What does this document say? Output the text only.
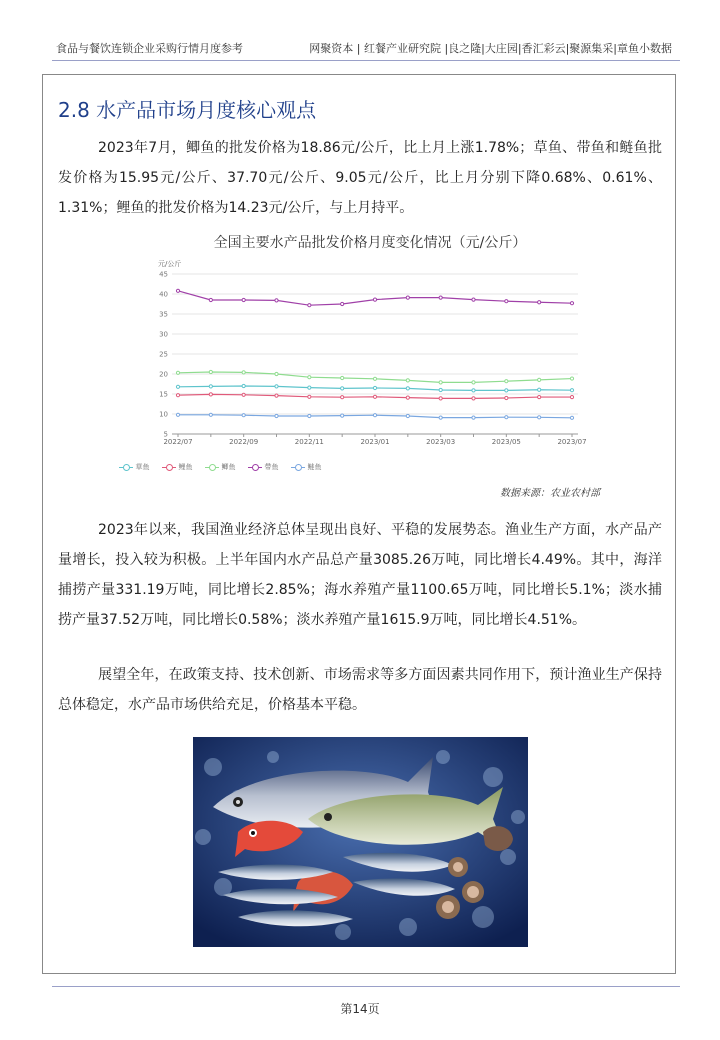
食品与餐饮连锁企业采购行情月度参考	网聚资本 | 红餐产业研究院 |良之隆|大庄园|香汇彩云|聚源集采|章鱼小数据
2.8 水产品市场月度核心观点

2023年7月，鲫鱼的批发价格为18.86元/公斤，比上月上涨1.78%；草鱼、带鱼和鲢鱼批发价格为15.95元/公斤、37.70元/公斤、9.05元/公斤，比上月分别下降0.68%、0.61%、1.31%；鲤鱼的批发价格为14.23元/公斤，与上月持平。

全国主要水产品批发价格月度变化情况（元/公斤）
元/公斤
5
10
15
20
25
30
35
40
45
2022/07	2022/09	2022/11	2023/01	2023/03	2023/05	2023/07
草鱼	鲤鱼	鲫鱼	带鱼	鲢鱼
数据来源：农业农村部

2023年以来，我国渔业经济总体呈现出良好、平稳的发展势态。渔业生产方面，水产品产量增长，投入较为积极。上半年国内水产品总产量3085.26万吨，同比增长4.49%。其中，海洋捕捞产量331.19万吨，同比增长2.85%；海水养殖产量1100.65万吨，同比增长5.1%；淡水捕捞产量37.52万吨，同比增长0.58%；淡水养殖产量1615.9万吨，同比增长4.51%。

展望全年，在政策支持、技术创新、市场需求等多方面因素共同作用下，预计渔业生产保持总体稳定，水产品市场供给充足，价格基本平稳。

第14页
